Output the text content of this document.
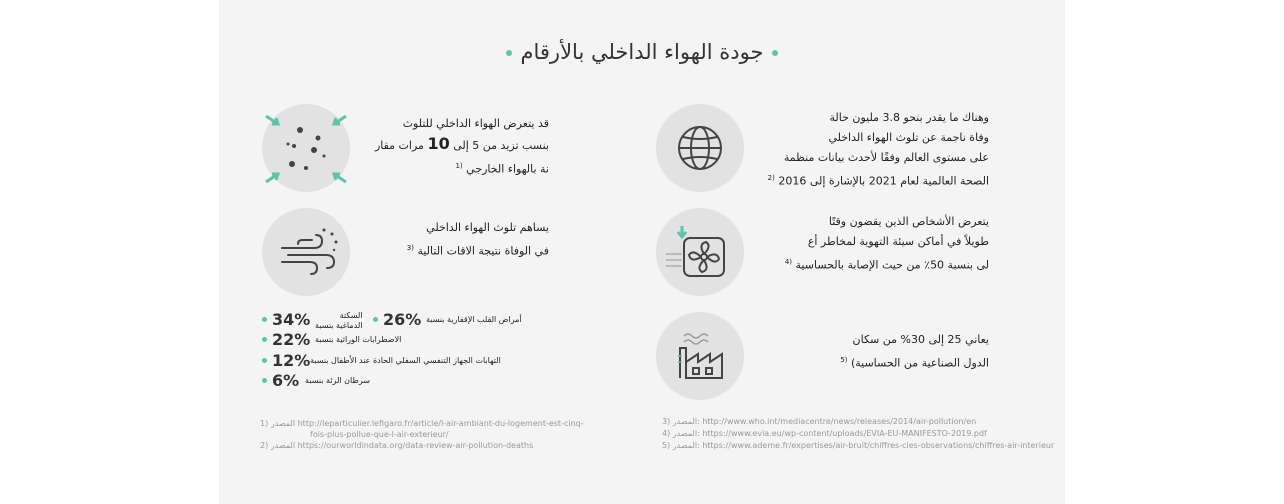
جودة الهواء الداخلي بالأرقام
وهناك ما يقدر بنحو 3.8 مليون حالة
وفاة ناجمة عن تلوث الهواء الداخلي
على مستوى العالم وفقًا لأحدث بيانات منظمة
الصحة العالمية لعام 2021 بالإشارة إلى 2016 $^{(2}$
يتعرض الأشخاص الذين يقضون وقتًا
طويلاً في أماكن سيئة التهوية لمخاطر أع
لى بنسبة 50٪ من حيث الإصابة بالحساسية $^{(4}$
يعاني 25 إلى 30% من سكان
الدول الصناعية من الحساسية) $^{(5}$
قد يتعرض الهواء الداخلي للتلوث
بنسب تزيد من 5 إلى 10 مرات مقار
نة بالهواء الخارجي $^{(1}$
يساهم تلوث الهواء الداخلي
في الوفاة نتيجة الاقات التالية $^{(3}$
34%	السكتة
الدماغية بنسبة 26% أمراض القلب الإقفارية بنسبة
22% الاضطرابات الوراثية بنسبة
12% التهابات الجهاز التنفسي السفلي الحادة عند الأطفال بنسبة
6% سرطان الرئة بنسبة
1) المصدر http://leparticulier.lefigaro.fr/article/l-air-ambiant-du-logement-est-cinq-
fois-plus-pollue-que-l-air-exterieur/
2) المصدر https://ourworldindata.org/data-review-air-pollution-deaths
3) المصدر: http://www.who.int/mediacentre/news/releases/2014/air-pollution/en
4) المصدر: https://www.evia.eu/wp-content/uploads/EVIA-EU-MANIFESTO-2019.pdf
5) المصدر: https://www.ademe.fr/expertises/air-bruit/chiffres-cles-observations/chiffres-air-interieur
